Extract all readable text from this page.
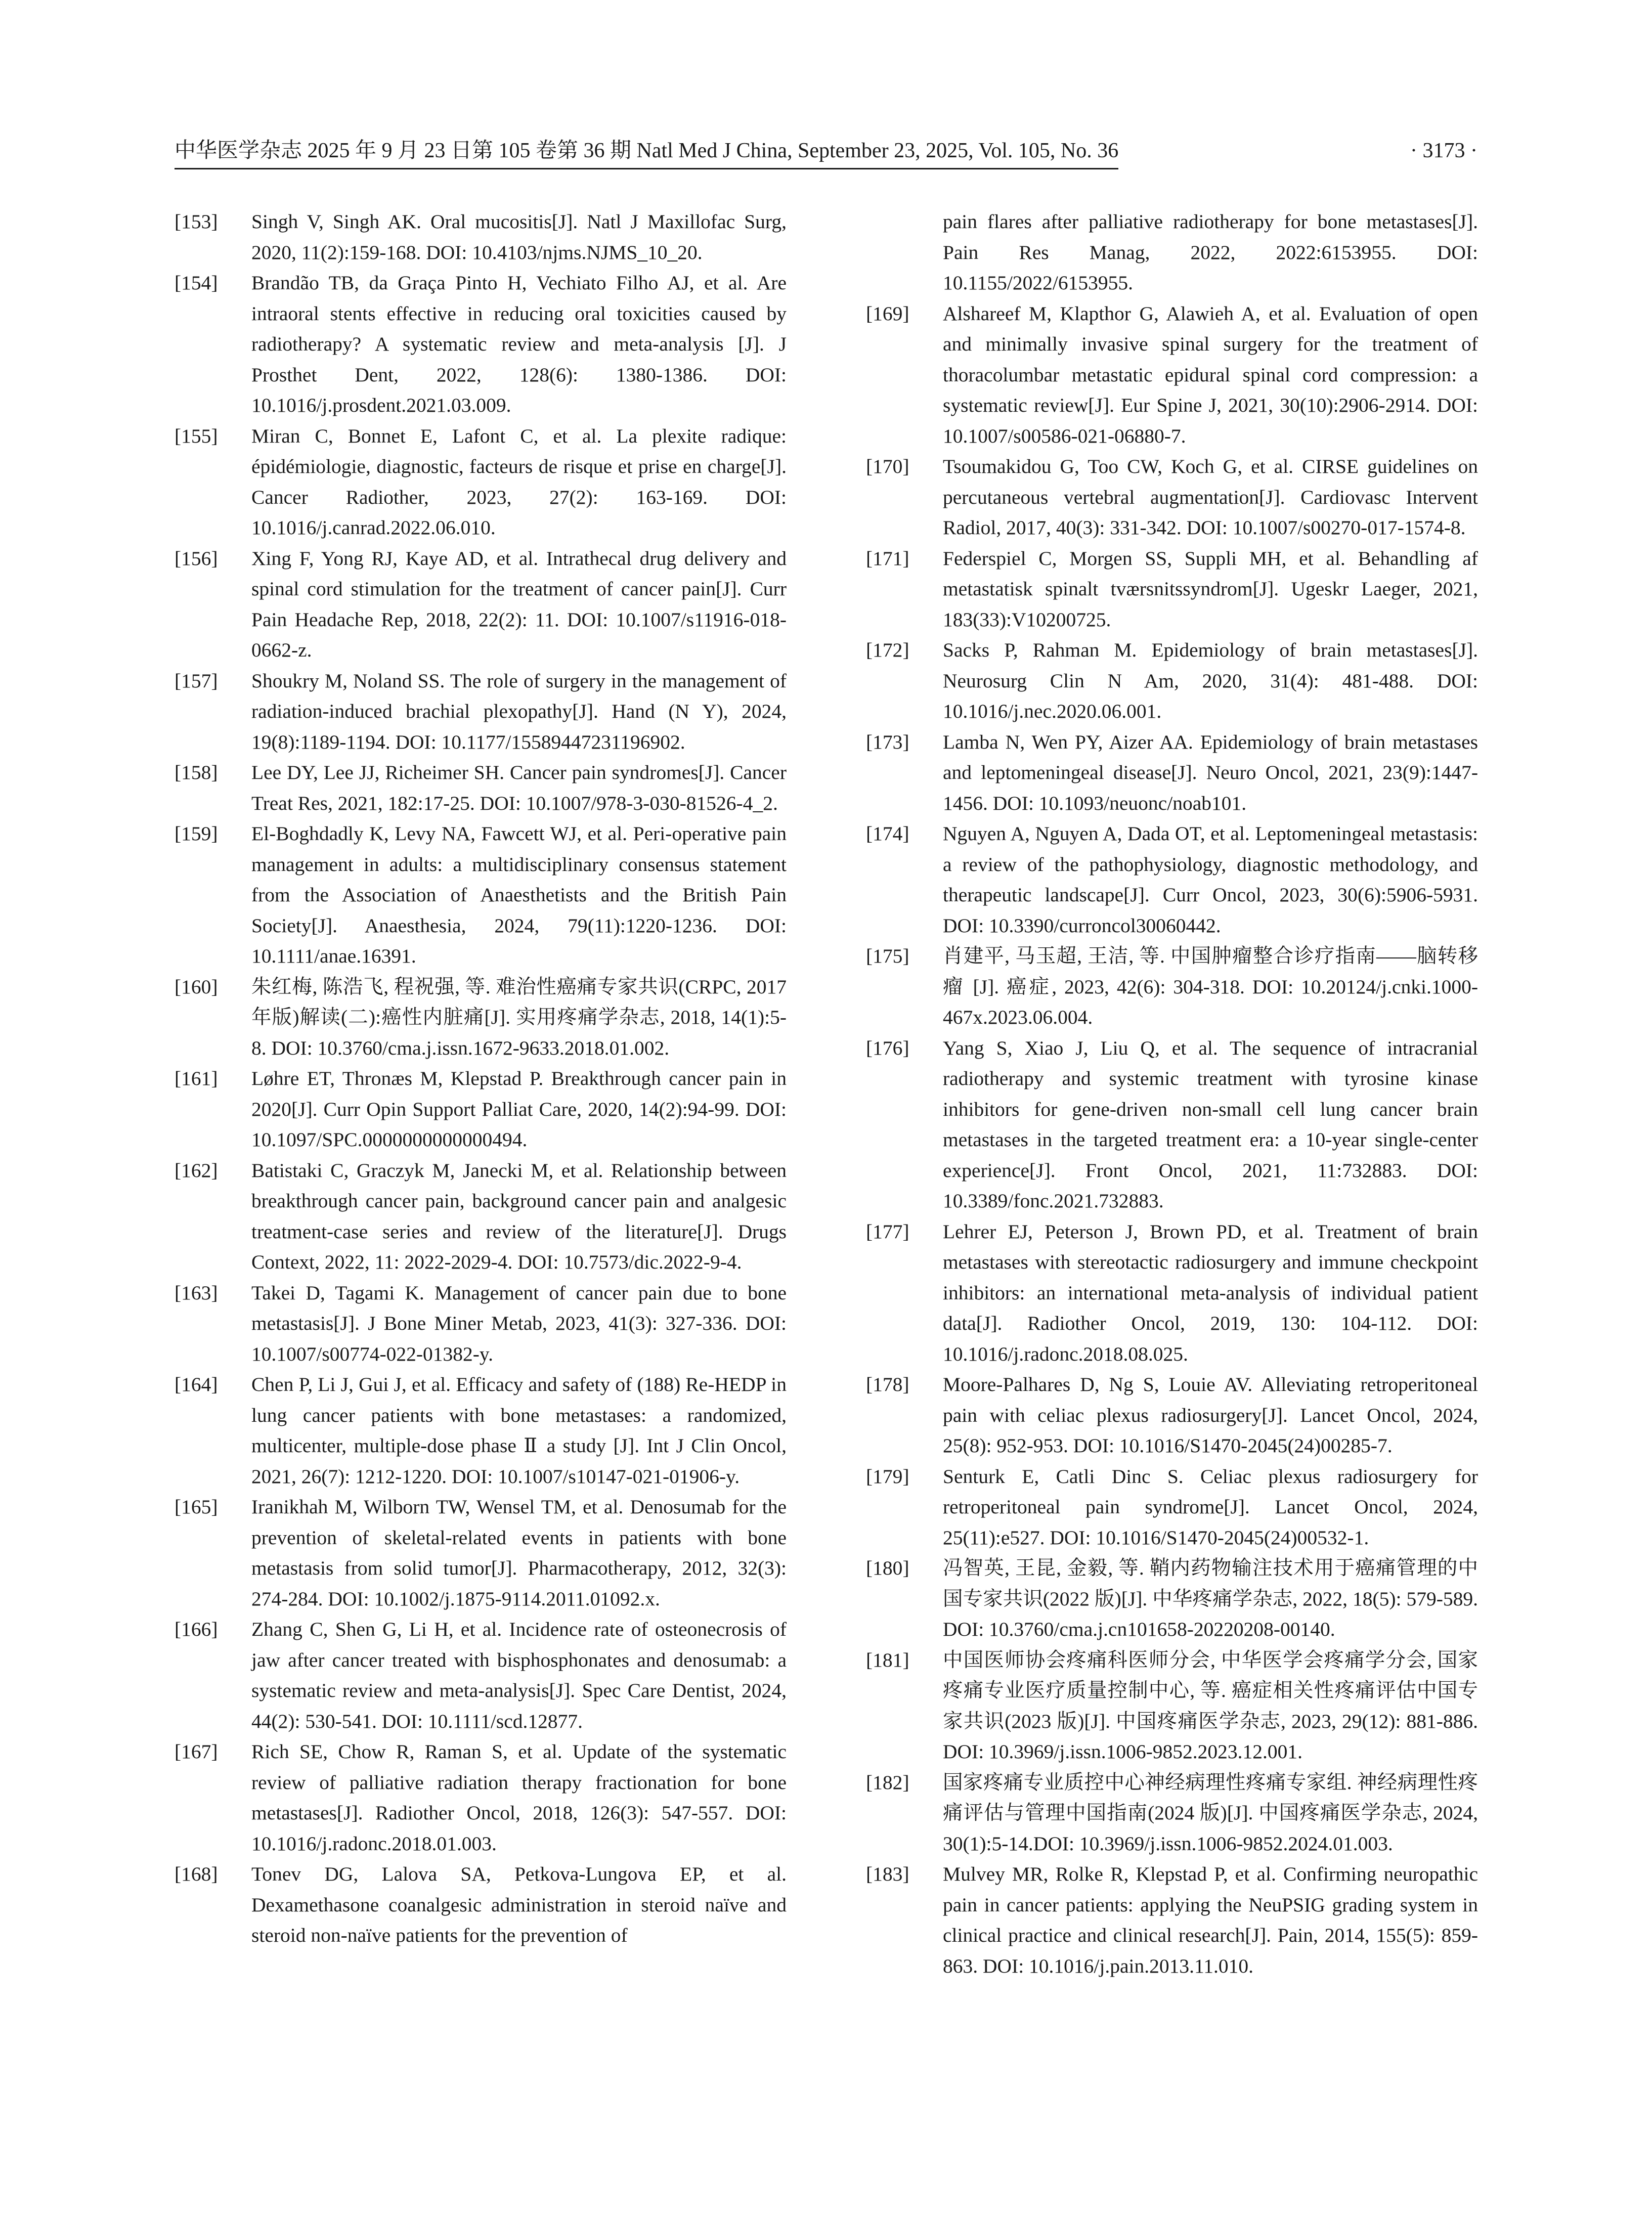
中华医学杂志 2025 年 9 月 23 日第 105 卷第 36 期 Natl Med J China, September 23, 2025, Vol. 105, No. 36	· 3173 ·
[153] Singh V, Singh AK. Oral mucositis[J]. Natl J Maxillofac Surg, 2020, 11(2):159-168. DOI: 10.4103/njms.NJMS_10_20.
[154] Brandão TB, da Graça Pinto H, Vechiato Filho AJ, et al. Are intraoral stents effective in reducing oral toxicities caused by radiotherapy? A systematic review and meta-analysis [J]. J Prosthet Dent, 2022, 128(6): 1380-1386. DOI: 10.1016/j.prosdent.2021.03.009.
[155] Miran C, Bonnet E, Lafont C, et al. La plexite radique: épidémiologie, diagnostic, facteurs de risque et prise en charge[J]. Cancer Radiother, 2023, 27(2): 163-169. DOI: 10.1016/j.canrad.2022.06.010.
[156] Xing F, Yong RJ, Kaye AD, et al. Intrathecal drug delivery and spinal cord stimulation for the treatment of cancer pain[J]. Curr Pain Headache Rep, 2018, 22(2): 11. DOI: 10.1007/s11916-018-0662-z.
[157] Shoukry M, Noland SS. The role of surgery in the management of radiation-induced brachial plexopathy[J]. Hand (N Y), 2024, 19(8):1189-1194. DOI: 10.1177/15589447231196902.
[158] Lee DY, Lee JJ, Richeimer SH. Cancer pain syndromes[J]. Cancer Treat Res, 2021, 182:17-25. DOI: 10.1007/978-3-030-81526-4_2.
[159] El-Boghdadly K, Levy NA, Fawcett WJ, et al. Peri-operative pain management in adults: a multidisciplinary consensus statement from the Association of Anaesthetists and the British Pain Society[J]. Anaesthesia, 2024, 79(11):1220-1236. DOI: 10.1111/anae.16391.
[160] 朱红梅, 陈浩飞, 程祝强, 等. 难治性癌痛专家共识(CRPC, 2017 年版)解读(二):癌性内脏痛[J]. 实用疼痛学杂志, 2018, 14(1):5-8. DOI: 10.3760/cma.j.issn.1672-9633.2018.01.002.
[161] Løhre ET, Thronæs M, Klepstad P. Breakthrough cancer pain in 2020[J]. Curr Opin Support Palliat Care, 2020, 14(2):94-99. DOI: 10.1097/SPC.0000000000000494.
[162] Batistaki C, Graczyk M, Janecki M, et al. Relationship between breakthrough cancer pain, background cancer pain and analgesic treatment-case series and review of the literature[J]. Drugs Context, 2022, 11: 2022-2029-4. DOI: 10.7573/dic.2022-9-4.
[163] Takei D, Tagami K. Management of cancer pain due to bone metastasis[J]. J Bone Miner Metab, 2023, 41(3): 327-336. DOI: 10.1007/s00774-022-01382-y.
[164] Chen P, Li J, Gui J, et al. Efficacy and safety of (188) Re-HEDP in lung cancer patients with bone metastases: a randomized, multicenter, multiple-dose phase Ⅱ a study [J]. Int J Clin Oncol, 2021, 26(7): 1212-1220. DOI: 10.1007/s10147-021-01906-y.
[165] Iranikhah M, Wilborn TW, Wensel TM, et al. Denosumab for the prevention of skeletal-related events in patients with bone metastasis from solid tumor[J]. Pharmacotherapy, 2012, 32(3): 274-284. DOI: 10.1002/j.1875-9114.2011.01092.x.
[166] Zhang C, Shen G, Li H, et al. Incidence rate of osteonecrosis of jaw after cancer treated with bisphosphonates and denosumab: a systematic review and meta-analysis[J]. Spec Care Dentist, 2024, 44(2): 530-541. DOI: 10.1111/scd.12877.
[167] Rich SE, Chow R, Raman S, et al. Update of the systematic review of palliative radiation therapy fractionation for bone metastases[J]. Radiother Oncol, 2018, 126(3): 547-557. DOI: 10.1016/j.radonc.2018.01.003.
[168] Tonev DG, Lalova SA, Petkova-Lungova EP, et al. Dexamethasone coanalgesic administration in steroid naïve and steroid non-naïve patients for the prevention of
pain flares after palliative radiotherapy for bone metastases[J]. Pain Res Manag, 2022, 2022:6153955. DOI: 10.1155/2022/6153955.
[169] Alshareef M, Klapthor G, Alawieh A, et al. Evaluation of open and minimally invasive spinal surgery for the treatment of thoracolumbar metastatic epidural spinal cord compression: a systematic review[J]. Eur Spine J, 2021, 30(10):2906-2914. DOI: 10.1007/s00586-021-06880-7.
[170] Tsoumakidou G, Too CW, Koch G, et al. CIRSE guidelines on percutaneous vertebral augmentation[J]. Cardiovasc Intervent Radiol, 2017, 40(3): 331-342. DOI: 10.1007/s00270-017-1574-8.
[171] Federspiel C, Morgen SS, Suppli MH, et al. Behandling af metastatisk spinalt tværsnitssyndrom[J]. Ugeskr Laeger, 2021, 183(33):V10200725.
[172] Sacks P, Rahman M. Epidemiology of brain metastases[J]. Neurosurg Clin N Am, 2020, 31(4): 481-488. DOI: 10.1016/j.nec.2020.06.001.
[173] Lamba N, Wen PY, Aizer AA. Epidemiology of brain metastases and leptomeningeal disease[J]. Neuro Oncol, 2021, 23(9):1447-1456. DOI: 10.1093/neuonc/noab101.
[174] Nguyen A, Nguyen A, Dada OT, et al. Leptomeningeal metastasis: a review of the pathophysiology, diagnostic methodology, and therapeutic landscape[J]. Curr Oncol, 2023, 30(6):5906-5931. DOI: 10.3390/curroncol30060442.
[175] 肖建平, 马玉超, 王洁, 等. 中国肿瘤整合诊疗指南——脑转移瘤 [J]. 癌症, 2023, 42(6): 304-318. DOI: 10.20124/j.cnki.1000-467x.2023.06.004.
[176] Yang S, Xiao J, Liu Q, et al. The sequence of intracranial radiotherapy and systemic treatment with tyrosine kinase inhibitors for gene-driven non-small cell lung cancer brain metastases in the targeted treatment era: a 10-year single-center experience[J]. Front Oncol, 2021, 11:732883. DOI: 10.3389/fonc.2021.732883.
[177] Lehrer EJ, Peterson J, Brown PD, et al. Treatment of brain metastases with stereotactic radiosurgery and immune checkpoint inhibitors: an international meta-analysis of individual patient data[J]. Radiother Oncol, 2019, 130: 104-112. DOI: 10.1016/j.radonc.2018.08.025.
[178] Moore-Palhares D, Ng S, Louie AV. Alleviating retroperitoneal pain with celiac plexus radiosurgery[J]. Lancet Oncol, 2024, 25(8): 952-953. DOI: 10.1016/S1470-2045(24)00285-7.
[179] Senturk E, Catli Dinc S. Celiac plexus radiosurgery for retroperitoneal pain syndrome[J]. Lancet Oncol, 2024, 25(11):e527. DOI: 10.1016/S1470-2045(24)00532-1.
[180] 冯智英, 王昆, 金毅, 等. 鞘内药物输注技术用于癌痛管理的中国专家共识(2022 版)[J]. 中华疼痛学杂志, 2022, 18(5): 579-589. DOI: 10.3760/cma.j.cn101658-20220208-00140.
[181] 中国医师协会疼痛科医师分会, 中华医学会疼痛学分会, 国家疼痛专业医疗质量控制中心, 等. 癌症相关性疼痛评估中国专家共识(2023 版)[J]. 中国疼痛医学杂志, 2023, 29(12): 881-886. DOI: 10.3969/j.issn.1006-9852.2023.12.001.
[182] 国家疼痛专业质控中心神经病理性疼痛专家组. 神经病理性疼痛评估与管理中国指南(2024 版)[J]. 中国疼痛医学杂志, 2024, 30(1):5-14.DOI: 10.3969/j.issn.1006-9852.2024.01.003.
[183] Mulvey MR, Rolke R, Klepstad P, et al. Confirming neuropathic pain in cancer patients: applying the NeuPSIG grading system in clinical practice and clinical research[J]. Pain, 2014, 155(5): 859-863. DOI: 10.1016/j.pain.2013.11.010.
